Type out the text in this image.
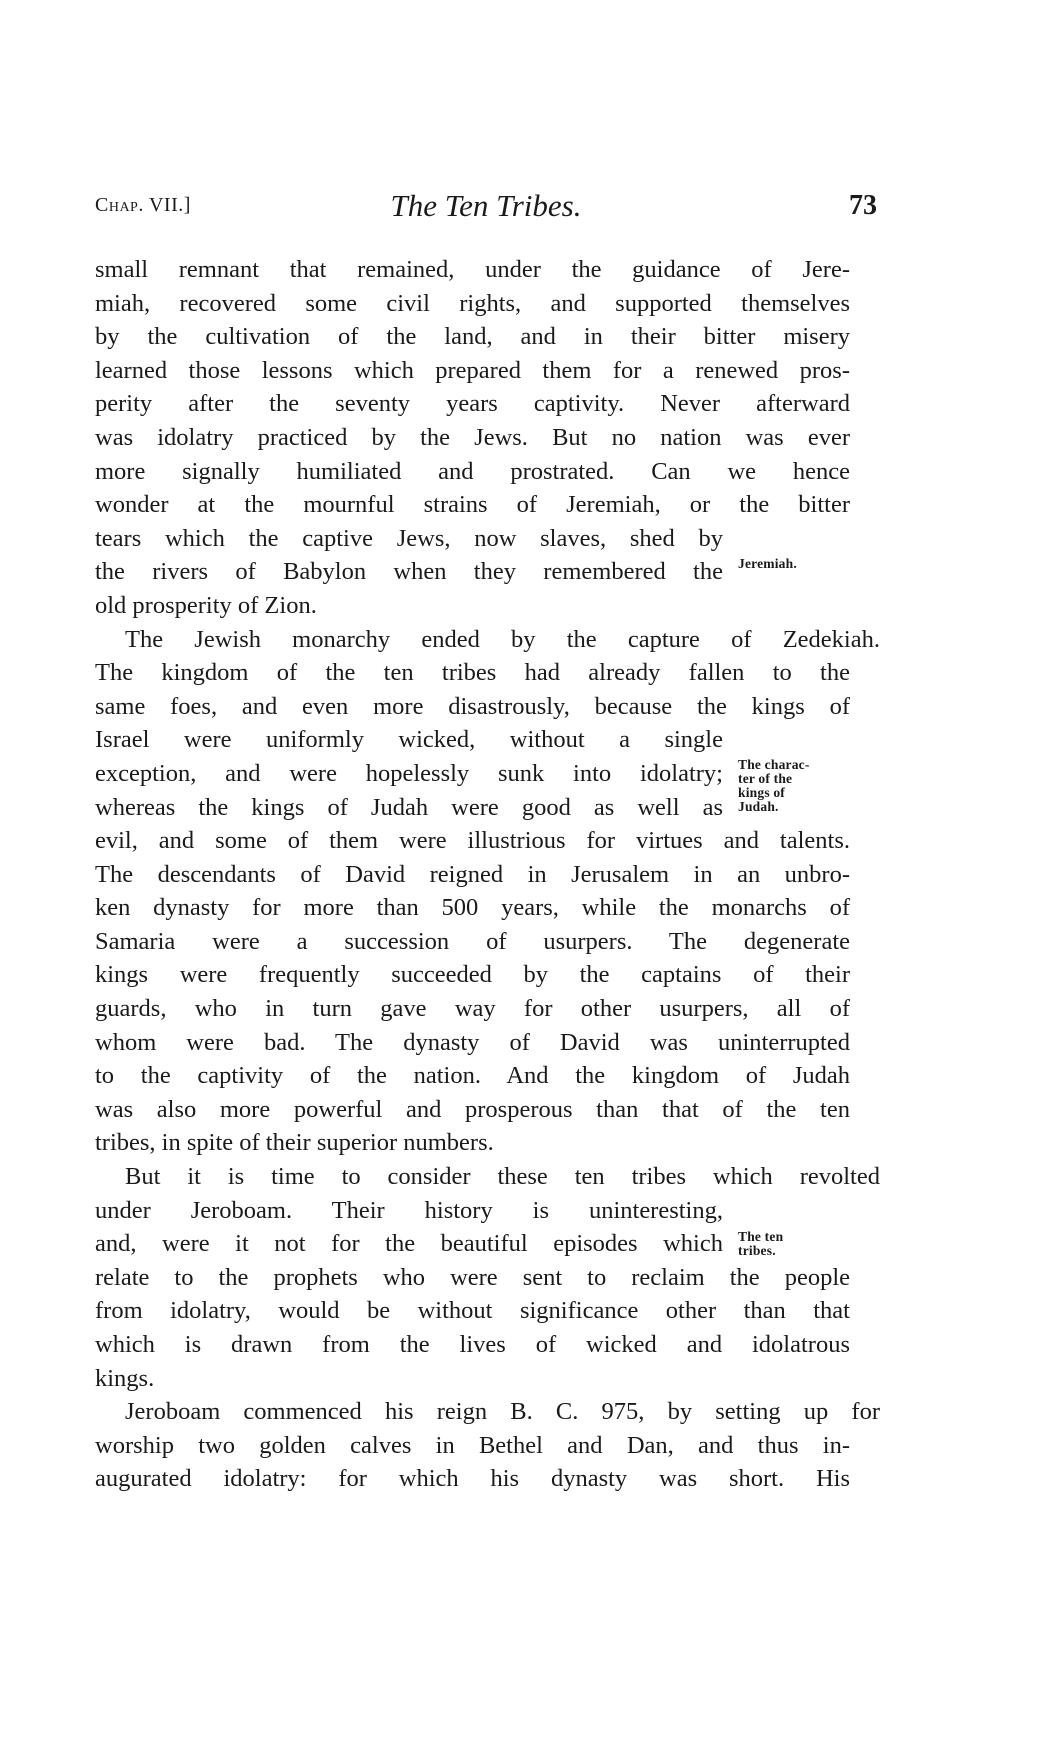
Chap. VII.]	The Ten Tribes.	73
small remnant that remained, under the guidance of Jere-
miah, recovered some civil rights, and supported themselves
by the cultivation of the land, and in their bitter misery
learned those lessons which prepared them for a renewed pros-
perity after the seventy years captivity. Never afterward
was idolatry practiced by the Jews. But no nation was ever
more signally humiliated and prostrated. Can we hence
wonder at the mournful strains of Jeremiah, or the bitter
tears which the captive Jews, now slaves, shed by
the rivers of Babylon when they remembered the
old prosperity of Zion.
The Jewish monarchy ended by the capture of Zedekiah.
The kingdom of the ten tribes had already fallen to the
same foes, and even more disastrously, because the kings of
Israel were uniformly wicked, without a single
exception, and were hopelessly sunk into idolatry;
whereas the kings of Judah were good as well as
evil, and some of them were illustrious for virtues and talents.
The descendants of David reigned in Jerusalem in an unbro-
ken dynasty for more than 500 years, while the monarchs of
Samaria were a succession of usurpers. The degenerate
kings were frequently succeeded by the captains of their
guards, who in turn gave way for other usurpers, all of
whom were bad. The dynasty of David was uninterrupted
to the captivity of the nation. And the kingdom of Judah
was also more powerful and prosperous than that of the ten
tribes, in spite of their superior numbers.
But it is time to consider these ten tribes which revolted
under Jeroboam. Their history is uninteresting,
and, were it not for the beautiful episodes which
relate to the prophets who were sent to reclaim the people
from idolatry, would be without significance other than that
which is drawn from the lives of wicked and idolatrous
kings.
Jeroboam commenced his reign B. C. 975, by setting up for
worship two golden calves in Bethel and Dan, and thus in-
augurated idolatry: for which his dynasty was short. His
Jeremiah.
The charac-
ter of the
kings of
Judah.
The ten
tribes.
